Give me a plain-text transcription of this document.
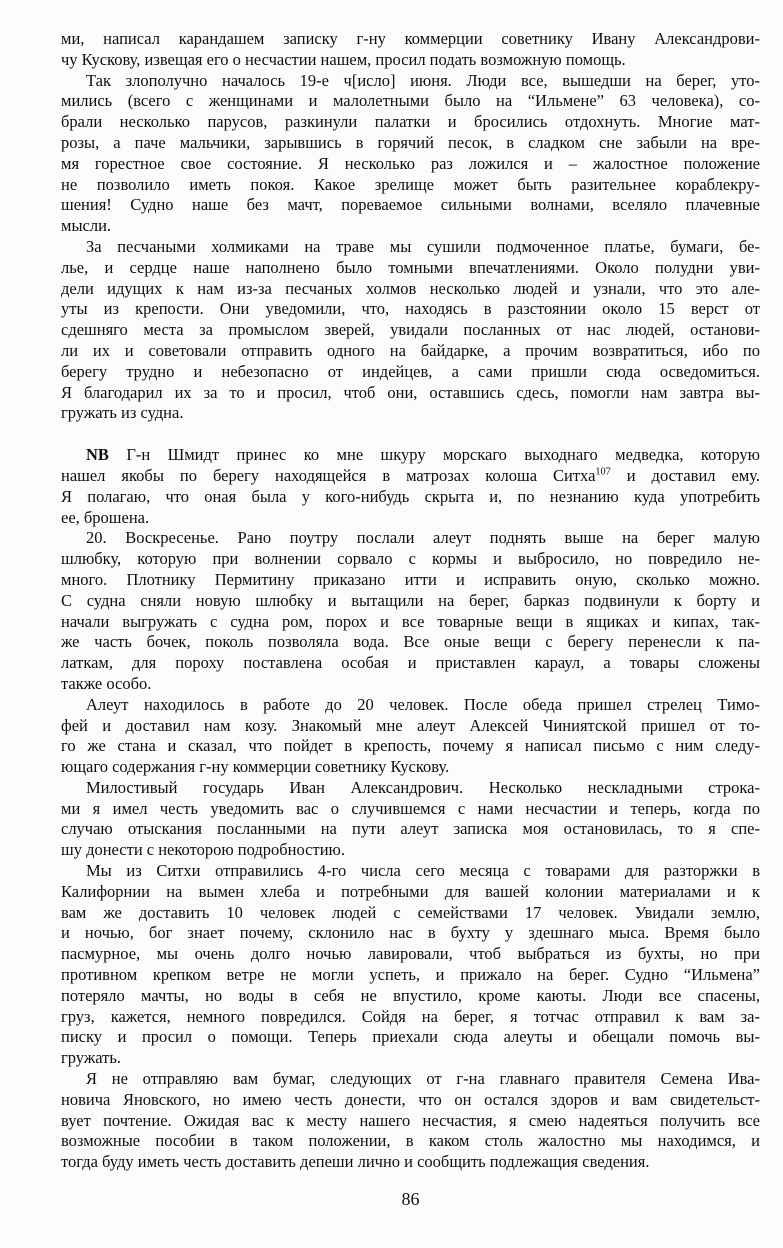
ми, написал карандашем записку г-ну коммерции советнику Ивану Александрови-
чу Кускову, извещая его о несчастии нашем, просил подать возможную помощь.
Так злополучно началось 19-е ч[исло] июня. Люди все, вышедши на берег, уто-
мились (всего с женщинами и малолетными было на “Ильмене” 63 человека), со-
брали несколько парусов, разкинули палатки и бросились отдохнуть. Многие мат-
розы, а паче мальчики, зарывшись в горячий песок, в сладком сне забыли на вре-
мя горестное свое состояние. Я несколько раз ложился и – жалостное положение
не позволило иметь покоя. Какое зрелище может быть разительнее кораблекру-
шения! Судно наше без мачт, пореваемое сильными волнами, вселяло плачевные
мысли.
За песчаными холмиками на траве мы сушили подмоченное платье, бумаги, бе-
лье, и сердце наше наполнено было томными впечатлениями. Около полудни уви-
дели идущих к нам из-за песчаных холмов несколько людей и узнали, что это але-
уты из крепости. Они уведомили, что, находясь в разстоянии около 15 верст от
сдешняго места за промыслом зверей, увидали посланных от нас людей, останови-
ли их и советовали отправить одного на байдарке, а прочим возвратиться, ибо по
берегу трудно и небезопасно от индейцев, а сами пришли сюда осведомиться.
Я благодарил их за то и просил, чтоб они, оставшись сдесь, помогли нам завтра вы-
гружать из судна.
NB Г-н Шмидт принес ко мне шкуру морскаго выходнаго медведка, которую
нашел якобы по берегу находящейся в матрозах колоша Ситха$^{107}$ и доставил ему.
Я полагаю, что оная была у кого-нибудь скрыта и, по незнанию куда употребить
ее, брошена.
20. Воскресенье. Рано поутру послали алеут поднять выше на берег малую
шлюбку, которую при волнении сорвало с кормы и выбросило, но повредило не-
много. Плотнику Пермитину приказано итти и исправить оную, сколько можно.
С судна сняли новую шлюбку и вытащили на берег, барказ подвинули к борту и
начали выгружать с судна ром, порох и все товарные вещи в ящиках и кипах, так-
же часть бочек, поколь позволяла вода. Все оные вещи с берегу перенесли к па-
латкам, для пороху поставлена особая и приставлен караул, а товары сложены
также особо.
Алеут находилось в работе до 20 человек. После обеда пришел стрелец Тимо-
фей и доставил нам козу. Знакомый мне алеут Алексей Чиниятской пришел от то-
го же стана и сказал, что пойдет в крепость, почему я написал письмо с ним следу-
ющаго содержания г-ну коммерции советнику Кускову.
Милостивый государь Иван Александрович. Несколько нескладными строка-
ми я имел честь уведомить вас о случившемся с нами несчастии и теперь, когда по
случаю отыскания посланными на пути алеут записка моя остановилась, то я спе-
шу донести с некоторою подробностию.
Мы из Ситхи отправились 4-го числа сего месяца с товарами для разторжки в
Калифорнии на вымен хлеба и потребными для вашей колонии материалами и к
вам же доставить 10 человек людей с семействами 17 человек. Увидали землю,
и ночью, бог знает почему, склонило нас в бухту у здешнаго мыса. Время было
пасмурное, мы очень долго ночью лавировали, чтоб выбраться из бухты, но при
противном крепком ветре не могли успеть, и прижало на берег. Судно “Ильмена”
потеряло мачты, но воды в себя не впустило, кроме каюты. Люди все спасены,
груз, кажется, немного повредился. Сойдя на берег, я тотчас отправил к вам за-
писку и просил о помощи. Теперь приехали сюда алеуты и обещали помочь вы-
гружать.
Я не отправляю вам бумаг, следующих от г-на главнаго правителя Семена Ива-
новича Яновского, но имею честь донести, что он остался здоров и вам свидетельст-
вует почтение. Ожидая вас к месту нашего несчастия, я смею надеяться получить все
возможные пособии в таком положении, в каком столь жалостно мы находимся, и
тогда буду иметь честь доставить депеши лично и сообщить подлежащия сведения.
86
